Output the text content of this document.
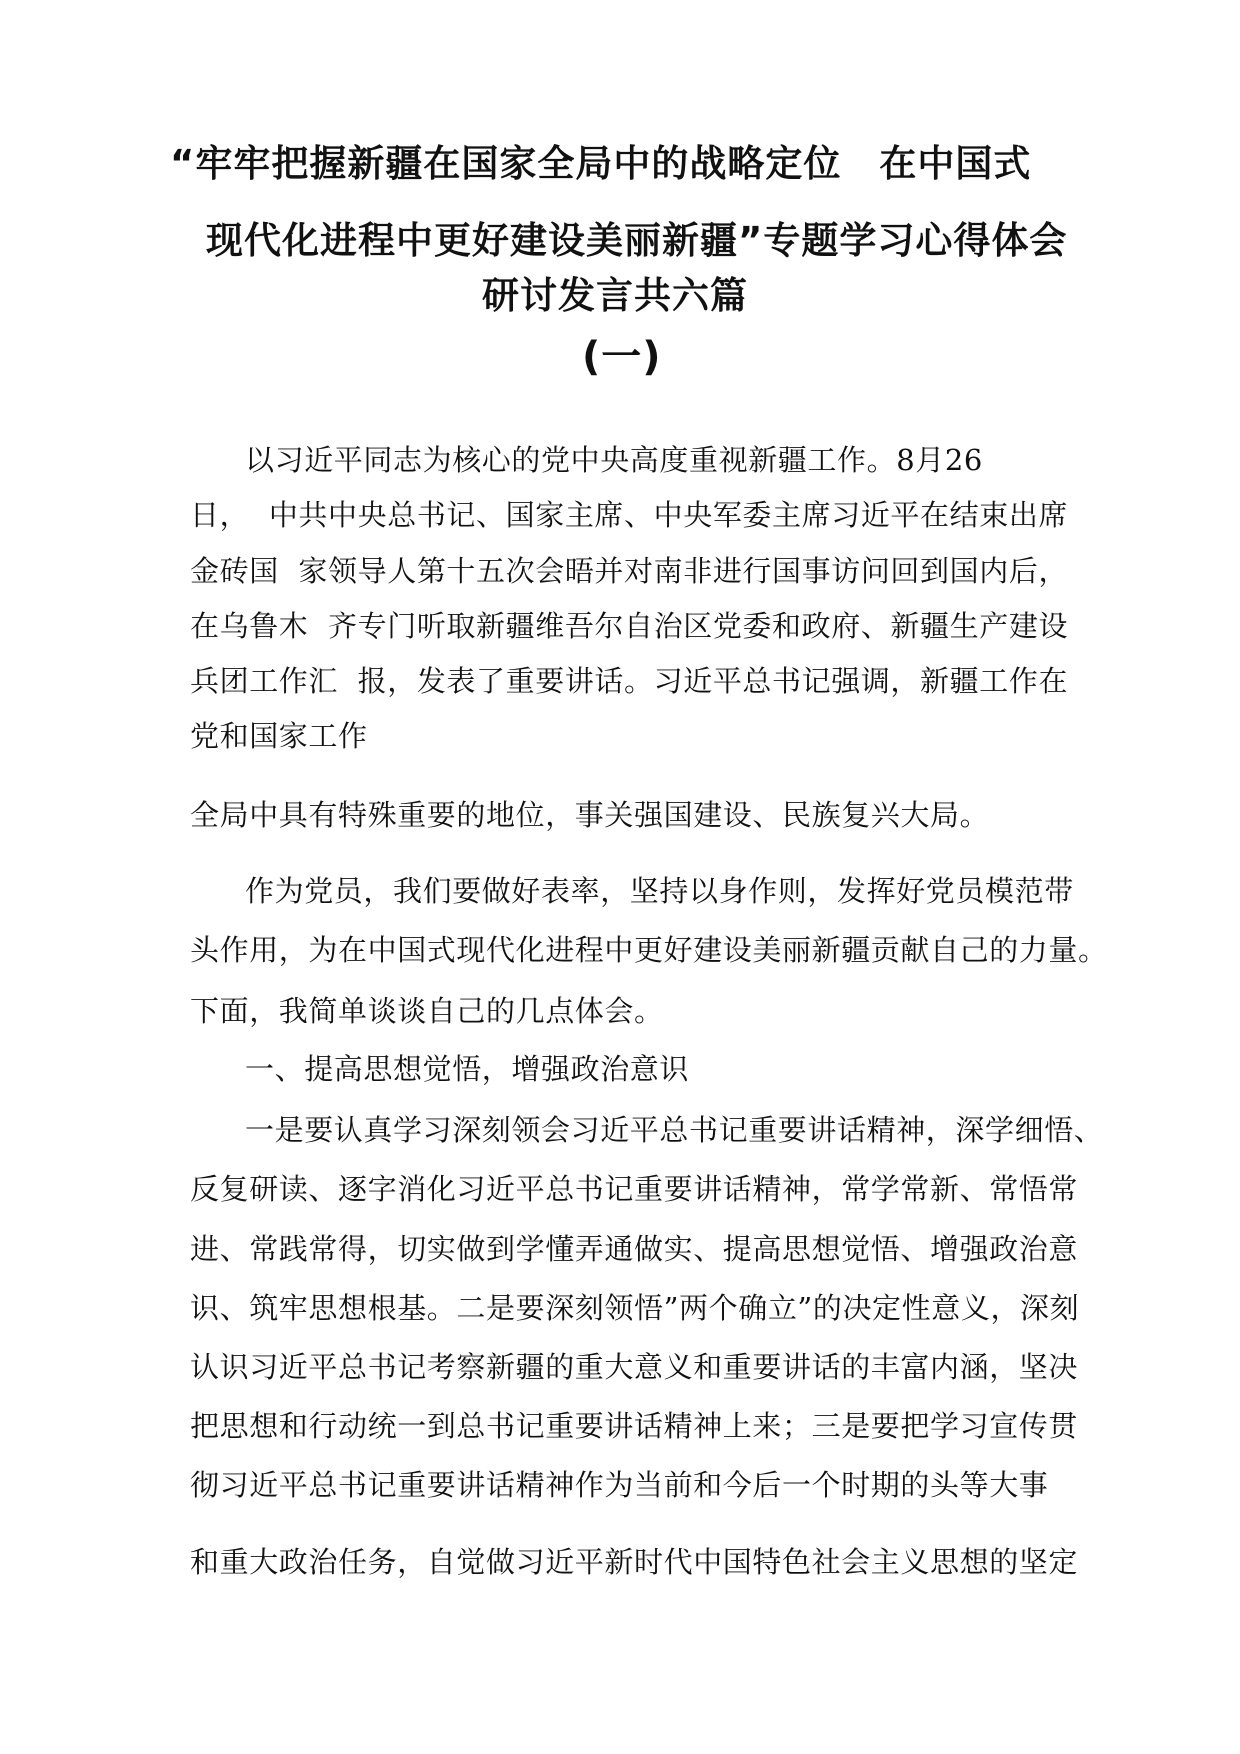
“牢牢把握新疆在国家全局中的战略定位　在中国式
现代化进程中更好建设美丽新疆”专题学习心得体会
研讨发言共六篇
(一)
以习近平同志为核心的党中央高度重视新疆工作。8月26
日，  中共中央总书记、国家主席、中央军委主席习近平在结束出席
金砖国  家领导人第十五次会晤并对南非进行国事访问回到国内后，
在乌鲁木  齐专门听取新疆维吾尔自治区党委和政府、新疆生产建设
兵团工作汇  报，发表了重要讲话。习近平总书记强调，新疆工作在
党和国家工作
全局中具有特殊重要的地位，事关强国建设、民族复兴大局。
作为党员，我们要做好表率，坚持以身作则，发挥好党员模范带
头作用，为在中国式现代化进程中更好建设美丽新疆贡献自己的力量。
下面，我简单谈谈自己的几点体会。
一、提高思想觉悟，增强政治意识
一是要认真学习深刻领会习近平总书记重要讲话精神，深学细悟、
反复研读、逐字消化习近平总书记重要讲话精神，常学常新、常悟常
进、常践常得，切实做到学懂弄通做实、提高思想觉悟、增强政治意
识、筑牢思想根基。二是要深刻领悟”两个确立”的决定性意义，深刻
认识习近平总书记考察新疆的重大意义和重要讲话的丰富内涵，坚决
把思想和行动统一到总书记重要讲话精神上来；三是要把学习宣传贯
彻习近平总书记重要讲话精神作为当前和今后一个时期的头等大事
和重大政治任务，自觉做习近平新时代中国特色社会主义思想的坚定
